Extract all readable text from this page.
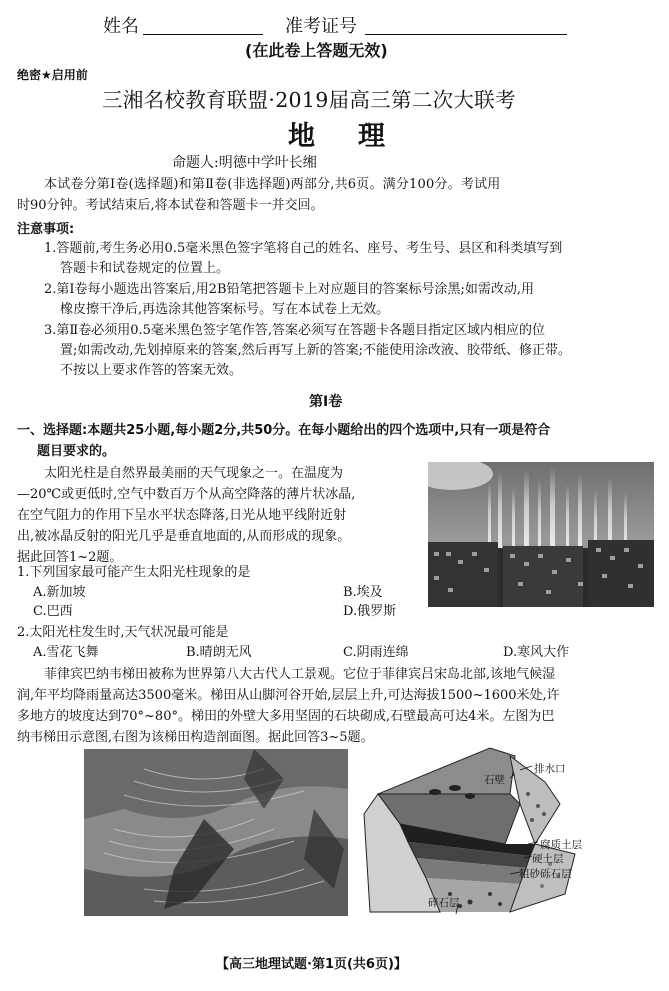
姓名	准考证号
(在此卷上答题无效)
绝密★启用前
三湘名校教育联盟·2019届高三第二次大联考
地　理
命题人:明德中学叶长缃
本试卷分第Ⅰ卷(选择题)和第Ⅱ卷(非选择题)两部分,共6页。满分100分。考试用
时90分钟。考试结束后,将本试卷和答题卡一并交回。
注意事项:
1.答题前,考生务必用0.5毫米黑色签字笔将自己的姓名、座号、考生号、县区和科类填写到
答题卡和试卷规定的位置上。
2.第Ⅰ卷每小题选出答案后,用2B铅笔把答题卡上对应题目的答案标号涂黑;如需改动,用
橡皮擦干净后,再选涂其他答案标号。写在本试卷上无效。
3.第Ⅱ卷必须用0.5毫米黑色签字笔作答,答案必须写在答题卡各题目指定区域内相应的位
置;如需改动,先划掉原来的答案,然后再写上新的答案;不能使用涂改液、胶带纸、修正带。
不按以上要求作答的答案无效。
第Ⅰ卷
一、选择题:本题共25小题,每小题2分,共50分。在每小题给出的四个选项中,只有一项是符合
题目要求的。
太阳光柱是自然界最美丽的天气现象之一。在温度为
—20℃或更低时,空气中数百万个从高空降落的薄片状冰晶,
在空气阻力的作用下呈水平状态降落,日光从地平线附近射
出,被冰晶反射的阳光几乎是垂直地面的,从而形成的现象。
据此回答1~2题。
1.下列国家最可能产生太阳光柱现象的是
A.新加坡	B.埃及
C.巴西	D.俄罗斯
2.太阳光柱发生时,天气状况最可能是
A.雪花飞舞	B.晴朗无风	C.阴雨连绵	D.寒风大作
菲律宾巴纳韦梯田被称为世界第八大古代人工景观。它位于菲律宾吕宋岛北部,该地气候湿
润,年平均降雨量高达3500毫米。梯田从山脚河谷开始,层层上升,可达海拔1500~1600米处,许
多地方的坡度达到70°~80°。梯田的外壁大多用坚固的石块砌成,石壁最高可达4米。左图为巴
纳韦梯田示意图,右图为该梯田构造剖面图。据此回答3~5题。
排水口
石壁
腐质土层
硬土层
粗砂砾石层
碎石层
【高三地理试题·第1页(共6页)】
